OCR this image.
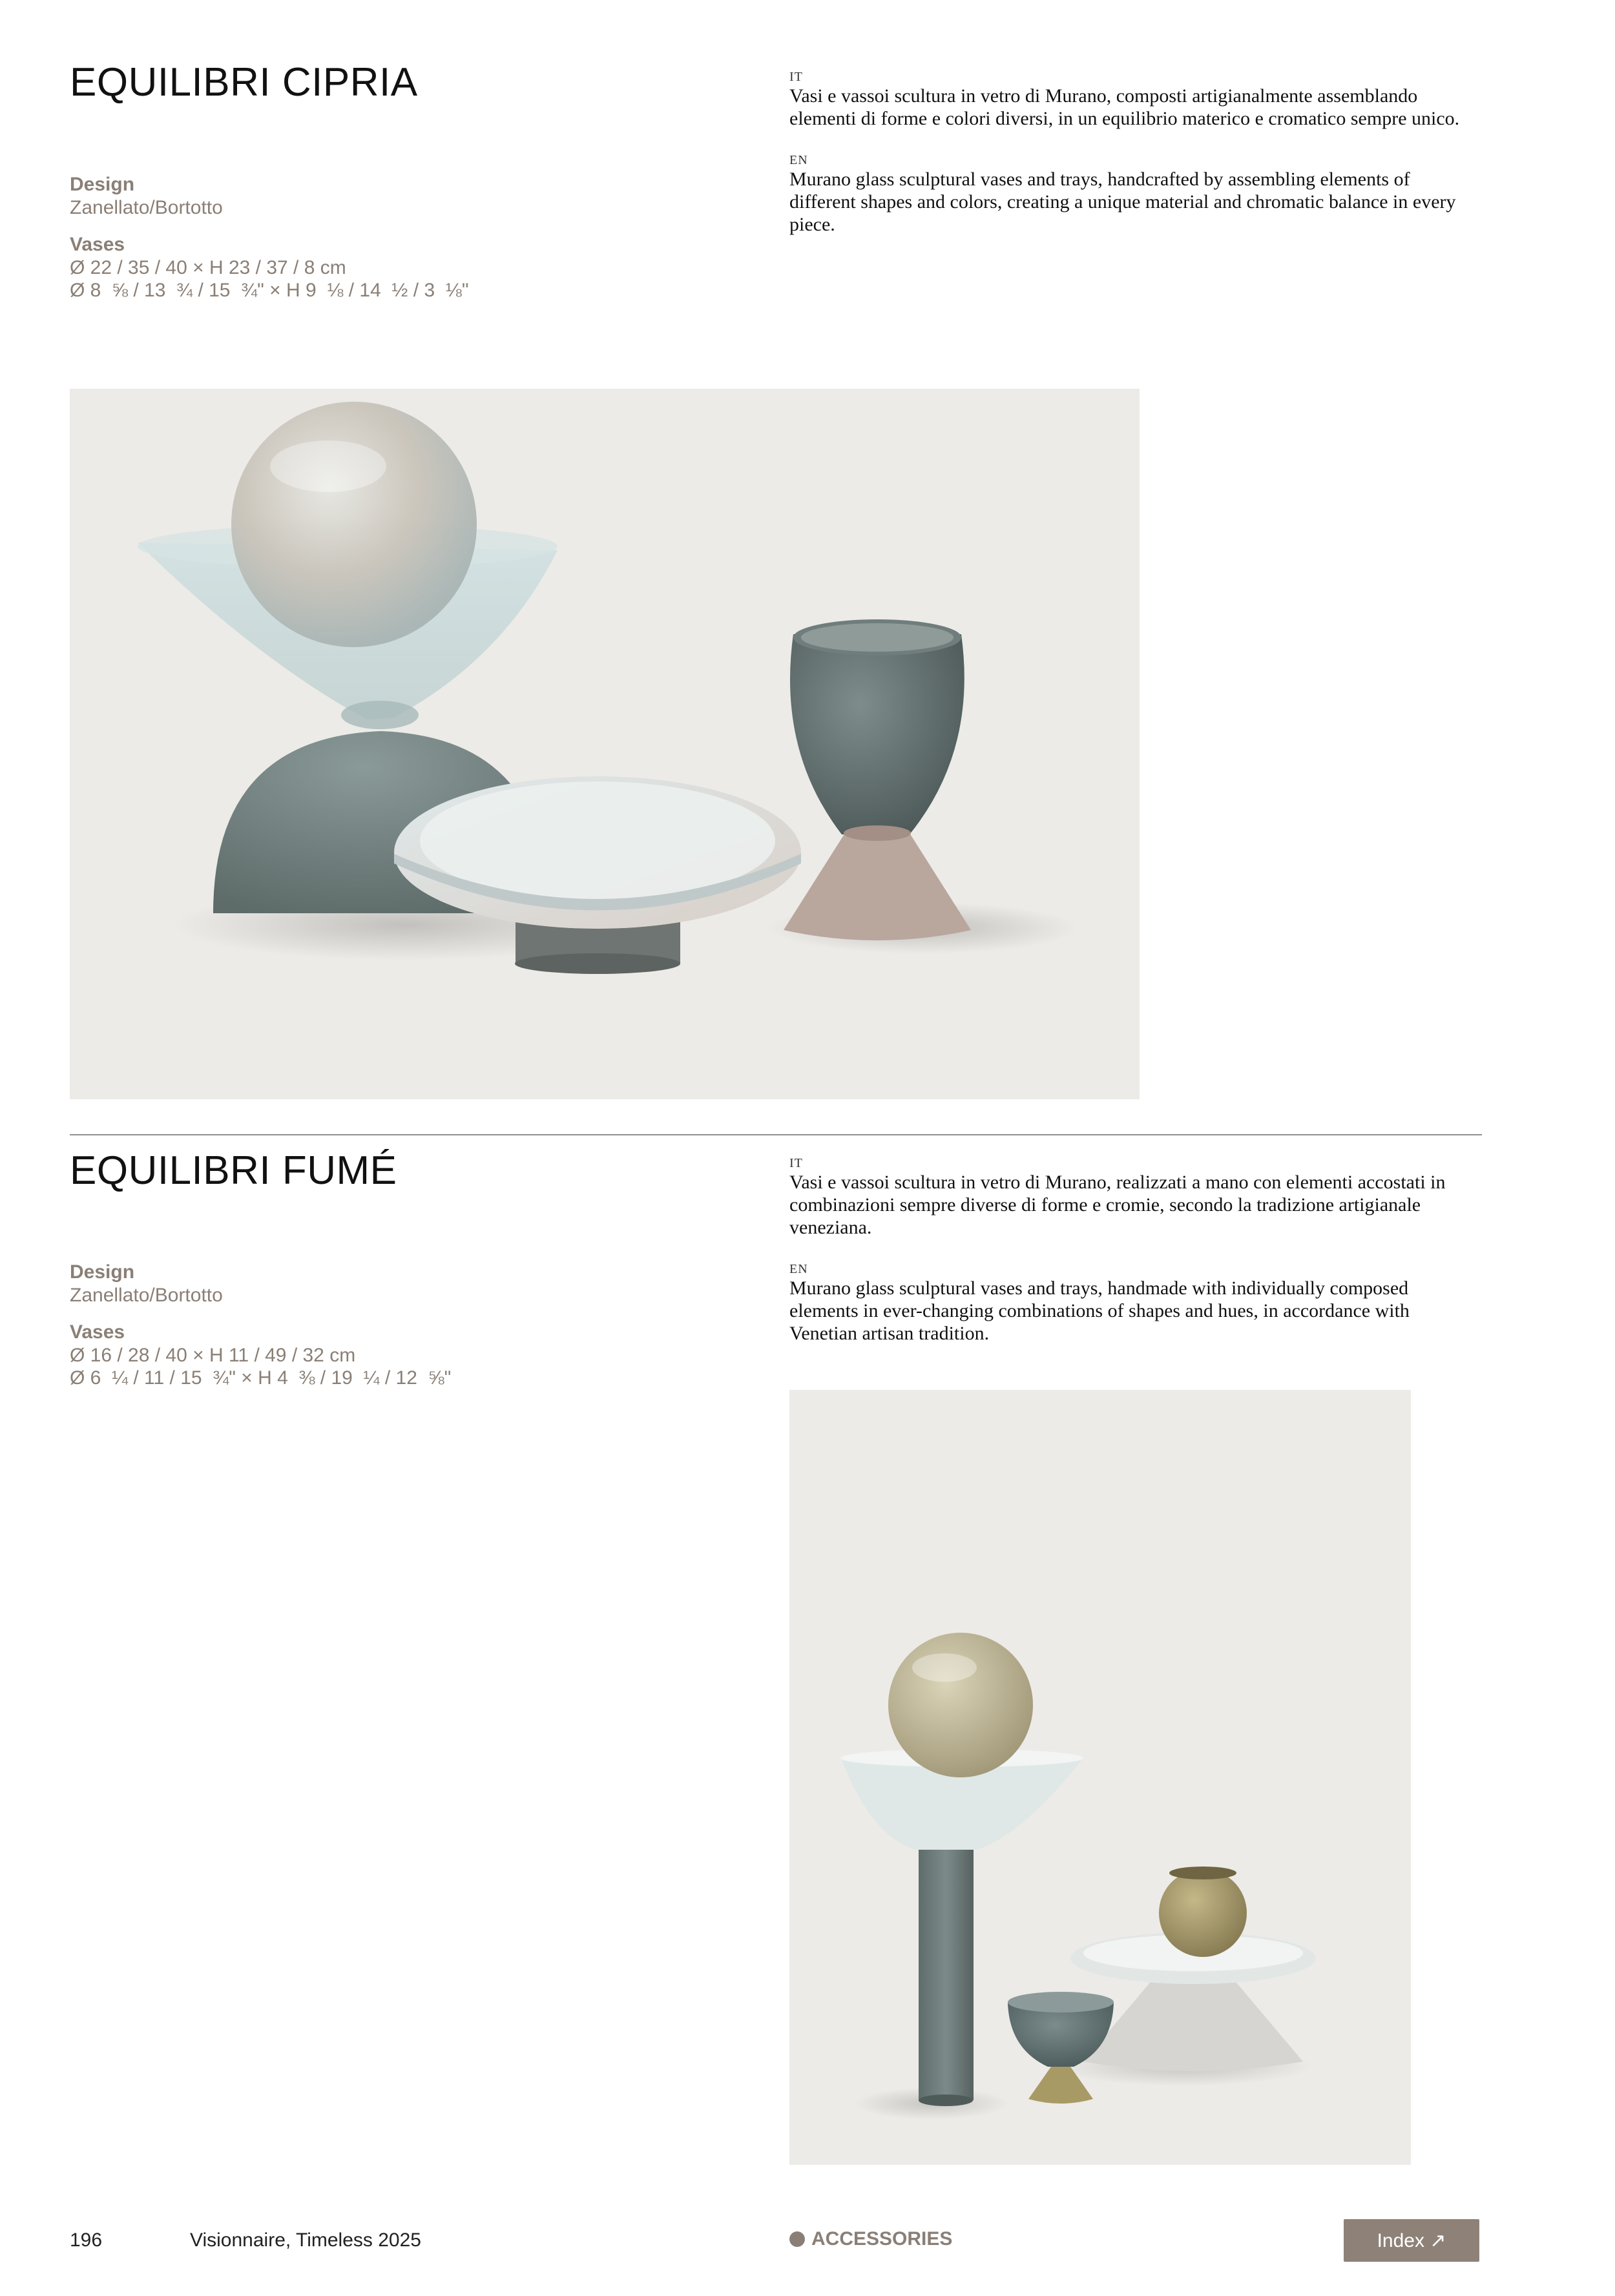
EQUILIBRI CIPRIA
Design
Zanellato/Bortotto
Vases
Ø 22 / 35 / 40 × H 23 / 37 / 8 cm
Ø 8  ⅝ / 13  ¾ / 15  ¾" × H 9  ⅛ / 14  ½ / 3  ⅛"
IT
Vasi e vassoi scultura in vetro di Murano, composti artigianalmente assemblando elementi di forme e colori diversi, in un equilibrio materico e cromatico sempre unico.
EN
Murano glass sculptural vases and trays, handcrafted by assembling elements of different shapes and colors, creating a unique material and chromatic balance in every piece.
EQUILIBRI FUMÉ
Design
Zanellato/Bortotto
Vases
Ø 16 / 28 / 40 × H 11 / 49 / 32 cm
Ø 6  ¼ / 11 / 15  ¾" × H 4  ⅜ / 19  ¼ / 12  ⅝"
IT
Vasi e vassoi scultura in vetro di Murano, realizzati a mano con elementi accostati in combinazioni sempre diverse di forme e cromie, secondo la tradizione artigianale veneziana.
EN
Murano glass sculptural vases and trays, handmade with individually composed elements in ever-changing combinations of shapes and hues, in accordance with Venetian artisan tradition.
196	Visionnaire, Timeless 2025	ACCESSORIES	Index ↗
